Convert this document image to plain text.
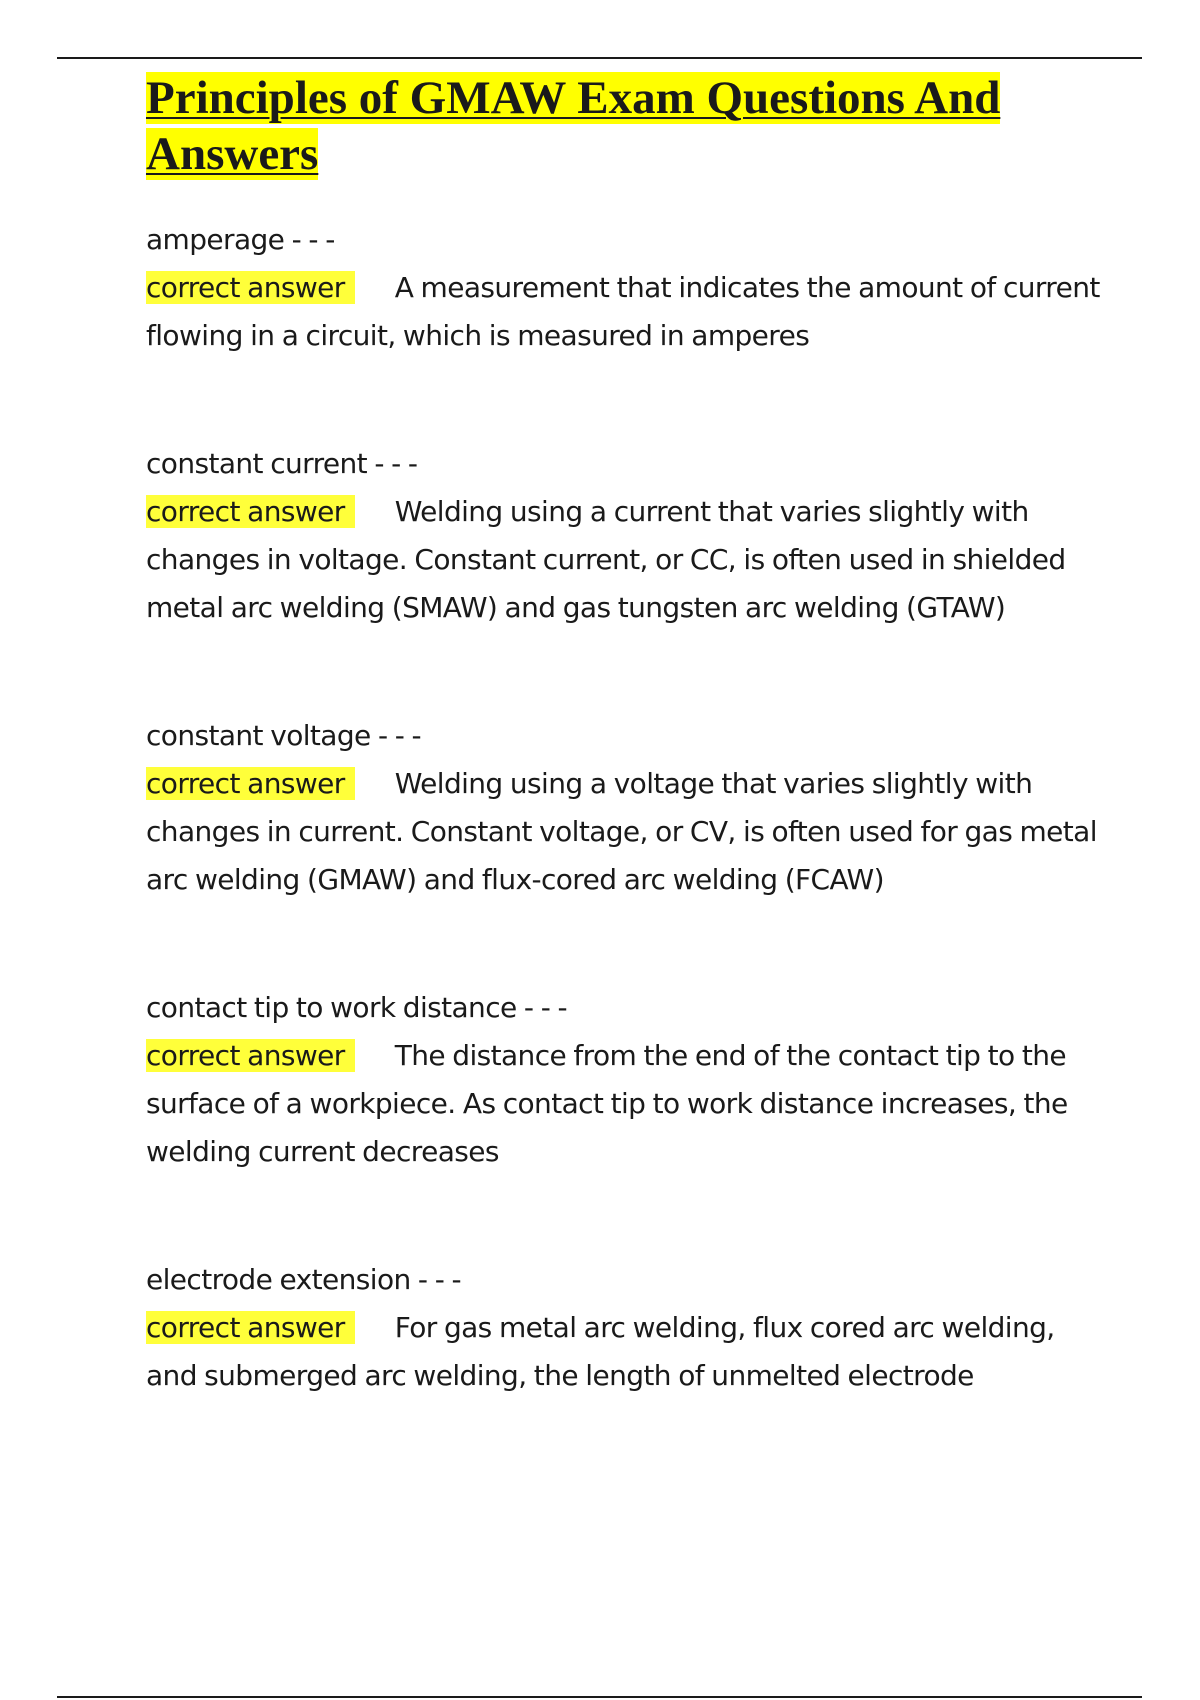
Principles of GMAW Exam Questions And Answers
amperage - - -
correct answer A measurement that indicates the amount of current flowing in a circuit, which is measured in amperes
constant current - - -
correct answer Welding using a current that varies slightly with changes in voltage. Constant current, or CC, is often used in shielded metal arc welding (SMAW) and gas tungsten arc welding (GTAW)
constant voltage - - -
correct answer Welding using a voltage that varies slightly with changes in current. Constant voltage, or CV, is often used for gas metal arc welding (GMAW) and flux-cored arc welding (FCAW)
contact tip to work distance - - -
correct answer The distance from the end of the contact tip to the surface of a workpiece. As contact tip to work distance increases, the welding current decreases
electrode extension - - -
correct answer For gas metal arc welding, flux cored arc welding, and submerged arc welding, the length of unmelted electrode
